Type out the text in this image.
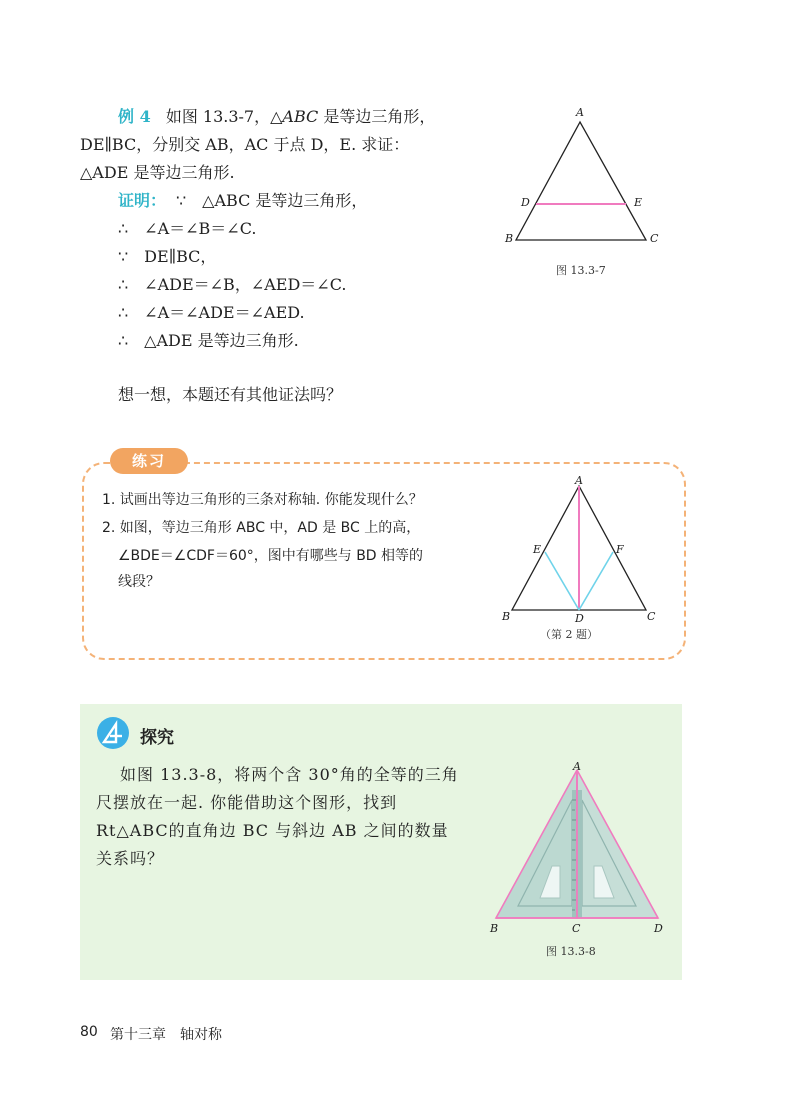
例 4 如图 13.3-7，△ABC 是等边三角形，
DE∥BC，分别交 AB，AC 于点 D，E. 求证：
△ADE 是等边三角形.
证明： ∵　△ABC 是等边三角形，
∴　∠A＝∠B＝∠C.
∵　DE∥BC，
∴　∠ADE＝∠B，∠AED＝∠C.
∴　∠A＝∠ADE＝∠AED.
∴　△ADE 是等边三角形.
想一想，本题还有其他证法吗？
A
D	E
B	C
图 13.3-7
练习
1. 试画出等边三角形的三条对称轴. 你能发现什么？
2. 如图，等边三角形 ABC 中，AD 是 BC 上的高，
∠BDE＝∠CDF＝60°，图中有哪些与 BD 相等的
线段？
A
E	F
B	D	C
（第 2 题）
探究
如图 13.3-8，将两个含 30°角的全等的三角
尺摆放在一起. 你能借助这个图形，找到
Rt△ABC的直角边 BC 与斜边 AB 之间的数量
关系吗？
A
B	C	D
图 13.3-8
80 第十三章　轴对称
